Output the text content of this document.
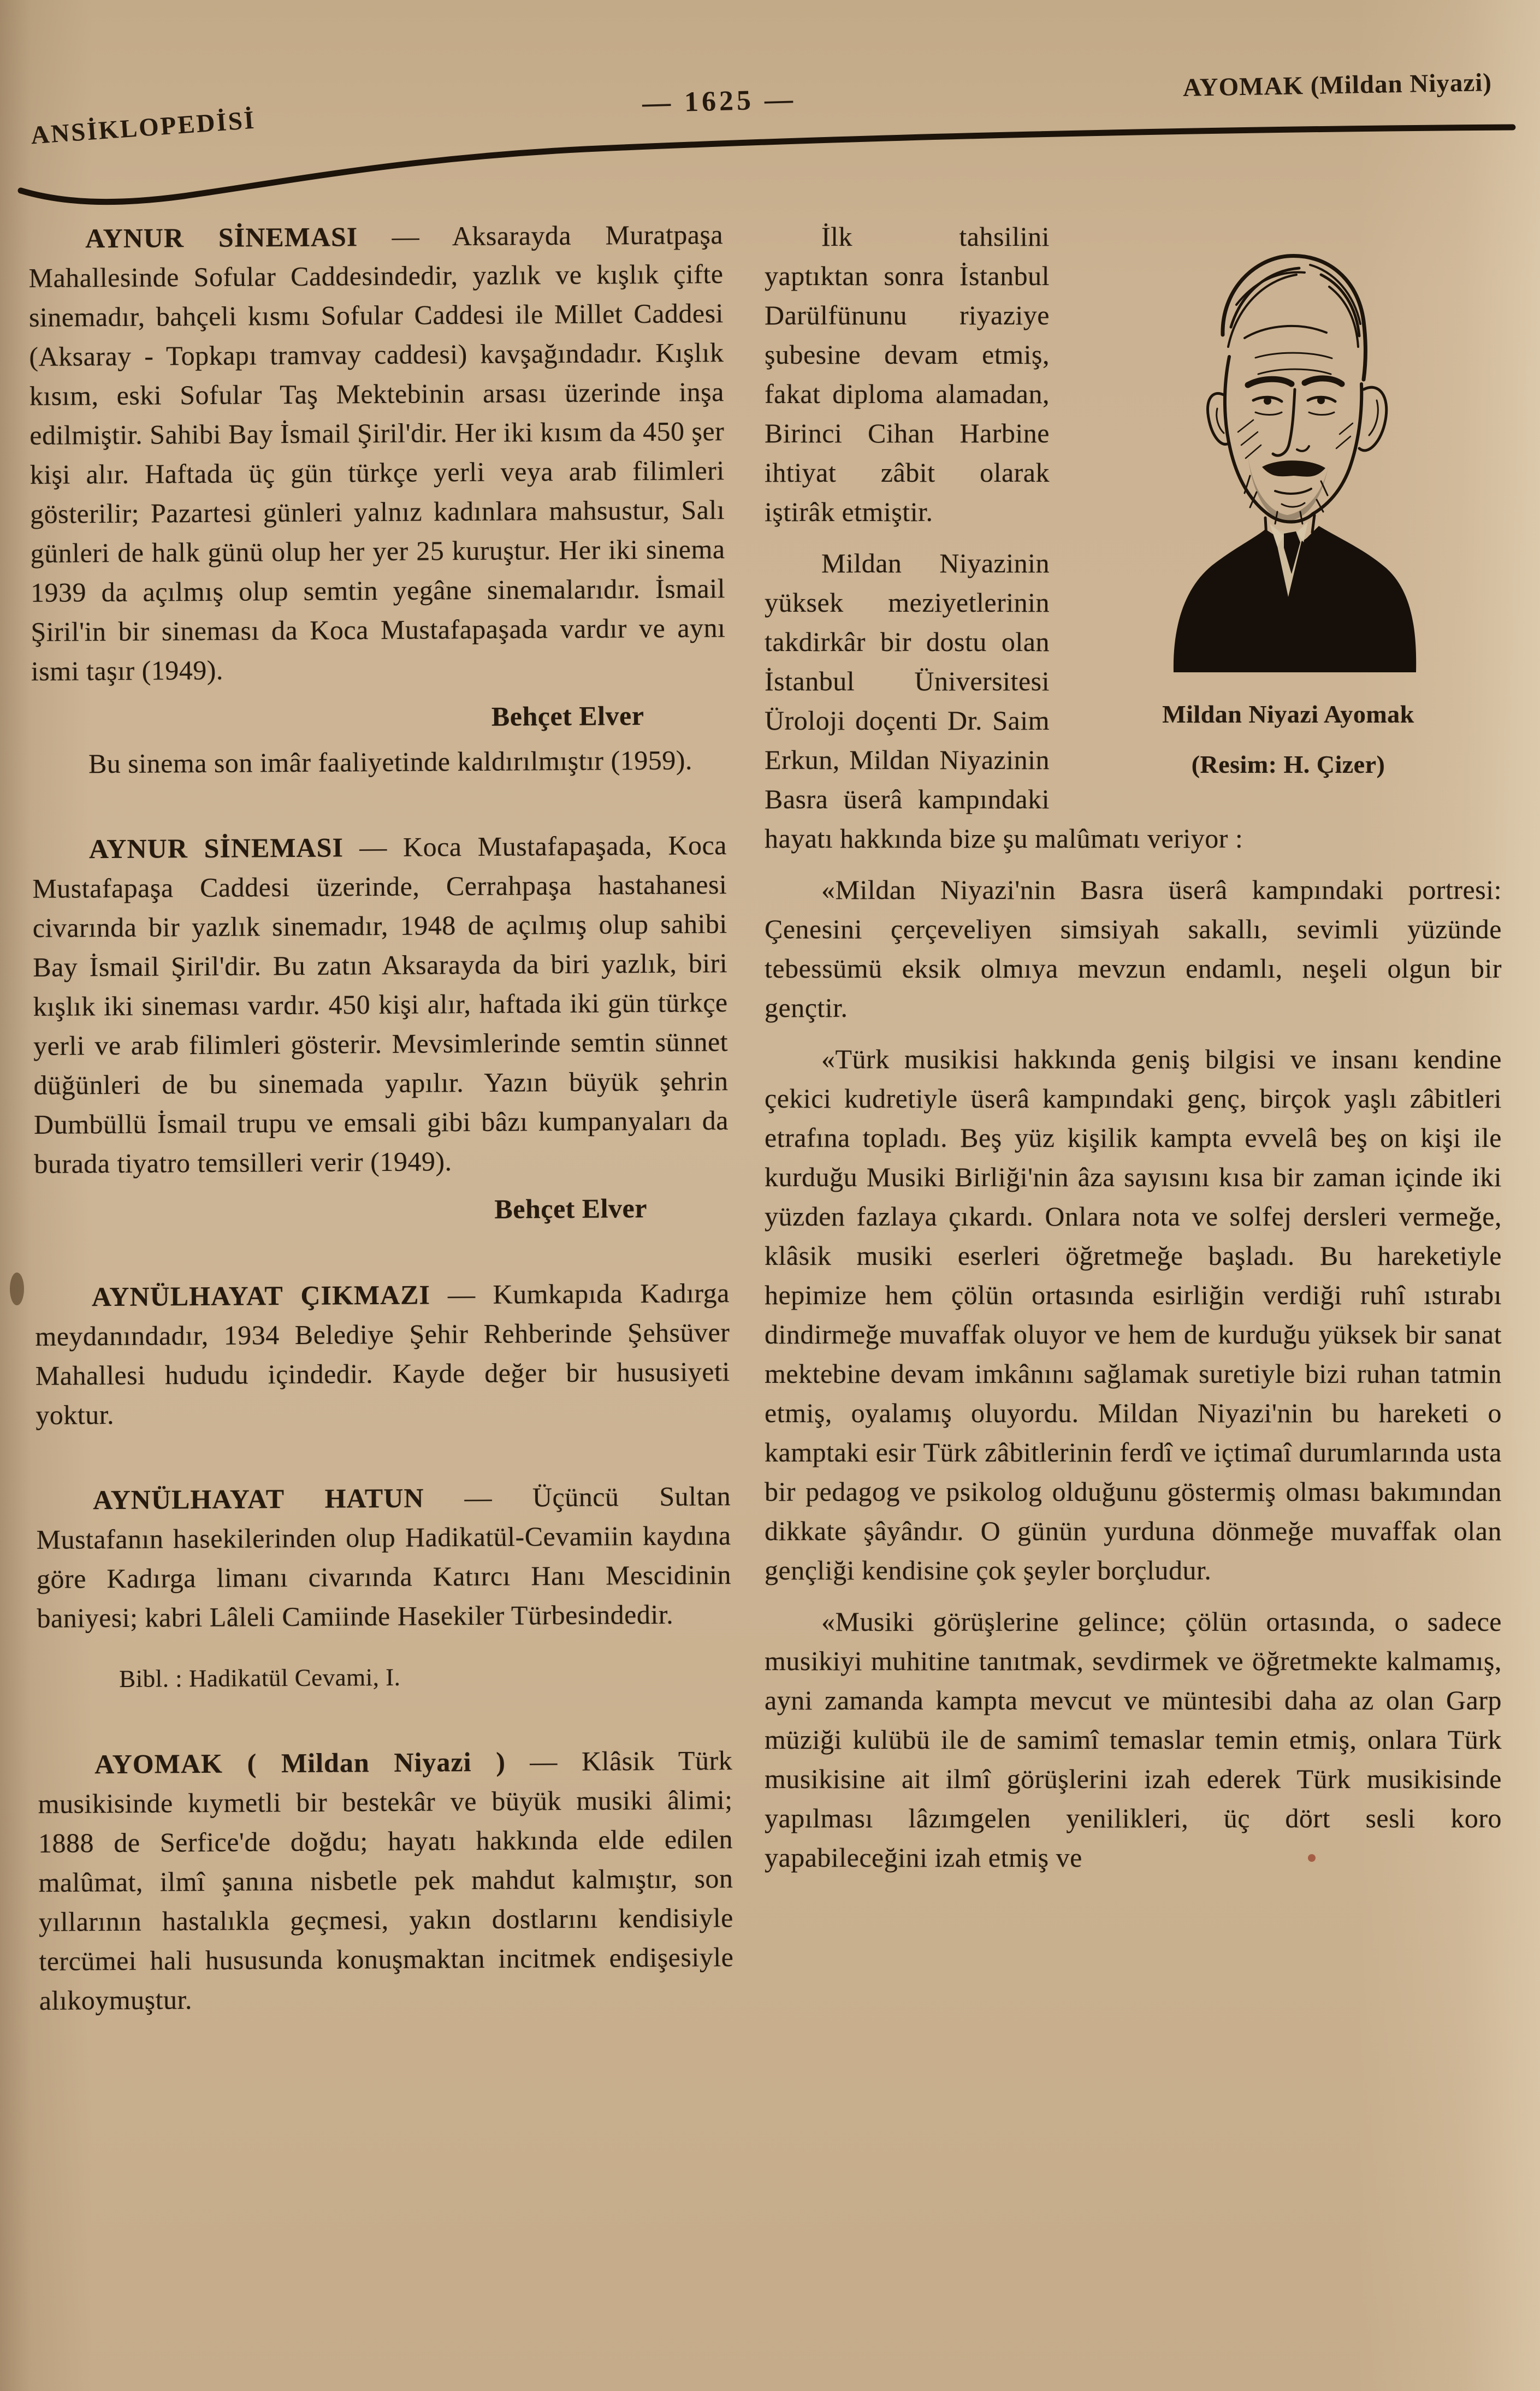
ANSİKLOPEDİSİ
— 1625 —	AYOMAK (Mildan Niyazi)

AYNUR SİNEMASI — Aksarayda Muratpaşa Mahallesinde Sofular Caddesindedir, yazlık ve kışlık çifte sinemadır, bahçeli kısmı Sofular Caddesi ile Millet Caddesi (Aksaray - Topkapı tramvay caddesi) kavşağındadır. Kışlık kısım, eski Sofular Taş Mektebinin arsası üzerinde inşa edilmiştir. Sahibi Bay İsmail Şiril'dir. Her iki kısım da 450 şer kişi alır. Haftada üç gün türkçe yerli veya arab filimleri gösterilir; Pazartesi günleri yalnız kadınlara mahsustur, Salı günleri de halk günü olup her yer 25 kuruştur. Her iki sinema 1939 da açılmış olup semtin yegâne sinemalarıdır. İsmail Şiril'in bir sineması da Koca Mustafapaşada vardır ve aynı ismi taşır (1949).

Behçet Elver

Bu sinema son imâr faaliyetinde kaldırılmıştır (1959).

AYNUR SİNEMASI — Koca Mustafapaşada, Koca Mustafapaşa Caddesi üzerinde, Cerrahpaşa hastahanesi civarında bir yazlık sinemadır, 1948 de açılmış olup sahibi Bay İsmail Şiril'dir. Bu zatın Aksarayda da biri yazlık, biri kışlık iki sineması vardır. 450 kişi alır, haftada iki gün türkçe yerli ve arab filimleri gösterir. Mevsimlerinde semtin sünnet düğünleri de bu sinemada yapılır. Yazın büyük şehrin Dumbüllü İsmail trupu ve emsali gibi bâzı kumpanyaları da burada tiyatro temsilleri verir (1949).

Behçet Elver

AYNÜLHAYAT ÇIKMAZI — Kumkapıda Kadırga meydanındadır, 1934 Belediye Şehir Rehberinde Şehsüver Mahallesi hududu içindedir. Kayde değer bir hususiyeti yoktur.

AYNÜLHAYAT HATUN — Üçüncü Sultan Mustafanın hasekilerinden olup Hadikatül-Cevamiin kaydına göre Kadırga limanı civarında Katırcı Hanı Mescidinin baniyesi; kabri Lâleli Camiinde Hasekiler Türbesindedir.

Bibl. : Hadikatül Cevami, I.

AYOMAK ( Mildan Niyazi ) — Klâsik Türk musikisinde kıymetli bir bestekâr ve büyük musiki âlimi; 1888 de Serfice'de doğdu; hayatı hakkında elde edilen malûmat, ilmî şanına nisbetle pek mahdut kalmıştır, son yıllarının hastalıkla geçmesi, yakın dostlarını kendisiyle tercümei hali hususunda konuşmaktan incitmek endişesiyle alıkoymuştur.

Mildan Niyazi Ayomak
(Resim: H. Çizer)

İlk tahsilini yaptıktan sonra İstanbul Darülfünunu riyaziye şubesine devam etmiş, fakat diploma alamadan, Birinci Cihan Harbine ihtiyat zâbit olarak iştirâk etmiştir.

Mildan Niyazinin yüksek meziyetlerinin takdirkâr bir dostu olan İstanbul Üniversitesi Üroloji doçenti Dr. Saim Erkun, Mildan Niyazinin Basra üserâ kampındaki hayatı hakkında bize şu malûmatı veriyor :

«Mildan Niyazi'nin Basra üserâ kampındaki portresi: Çenesini çerçeveliyen simsiyah sakallı, sevimli yüzünde tebessümü eksik olmıya mevzun endamlı, neşeli olgun bir gençtir.

«Türk musikisi hakkında geniş bilgisi ve insanı kendine çekici kudretiyle üserâ kampındaki genç, birçok yaşlı zâbitleri etrafına topladı. Beş yüz kişilik kampta evvelâ beş on kişi ile kurduğu Musiki Birliği'nin âza sayısını kısa bir zaman içinde iki yüzden fazlaya çıkardı. Onlara nota ve solfej dersleri vermeğe, klâsik musiki eserleri öğretmeğe başladı. Bu hareketiyle hepimize hem çölün ortasında esirliğin verdiği ruhî ıstırabı dindirmeğe muvaffak oluyor ve hem de kurduğu yüksek bir sanat mektebine devam imkânını sağlamak suretiyle bizi ruhan tatmin etmiş, oyalamış oluyordu. Mildan Niyazi'nin bu hareketi o kamptaki esir Türk zâbitlerinin ferdî ve içtimaî durumlarında usta bir pedagog ve psikolog olduğunu göstermiş olması bakımından dikkate şâyândır. O günün yurduna dönmeğe muvaffak olan gençliği kendisine çok şeyler borçludur.

«Musiki görüşlerine gelince; çölün ortasında, o sadece musikiyi muhitine tanıtmak, sevdirmek ve öğretmekte kalmamış, ayni zamanda kampta mevcut ve müntesibi daha az olan Garp müziği kulübü ile de samimî temaslar temin etmiş, onlara Türk musikisine ait ilmî görüşlerini izah ederek Türk musikisinde yapılması lâzımgelen yenilikleri, üç dört sesli koro yapabileceğini izah etmiş ve
